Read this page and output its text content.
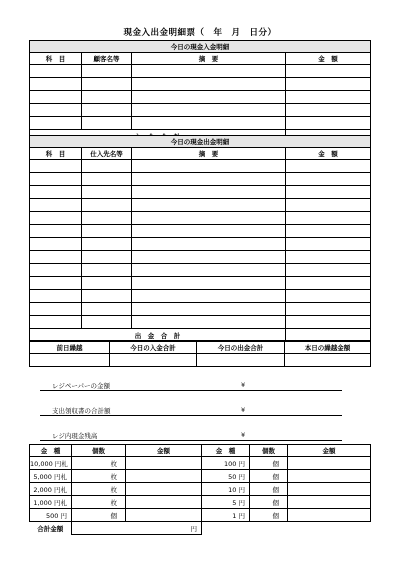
現金入出金明細票（　年　月　日分）
今日の現金入金明細			
科　目	顧客名等	摘　要	金　額

今日の現金出金明細			
科　目	仕入先名等	摘　要	金　額

出　金　合　計			
前日繰越	今日の入金合計	今日の出金合計	本日の繰越金額

レジペーパーの金額	¥
支出領収書の合計額	¥
レジ内現金残高	¥
金　種	個数	金額	金　種	個数	金額
10,000 円札	枚		100 円	個	
5,000 円札	枚		50 円	個	
2,000 円札	枚		10 円	個	
1,000 円札	枚		5 円	個	
500 円	個		1 円	個	
合計金額	円				
